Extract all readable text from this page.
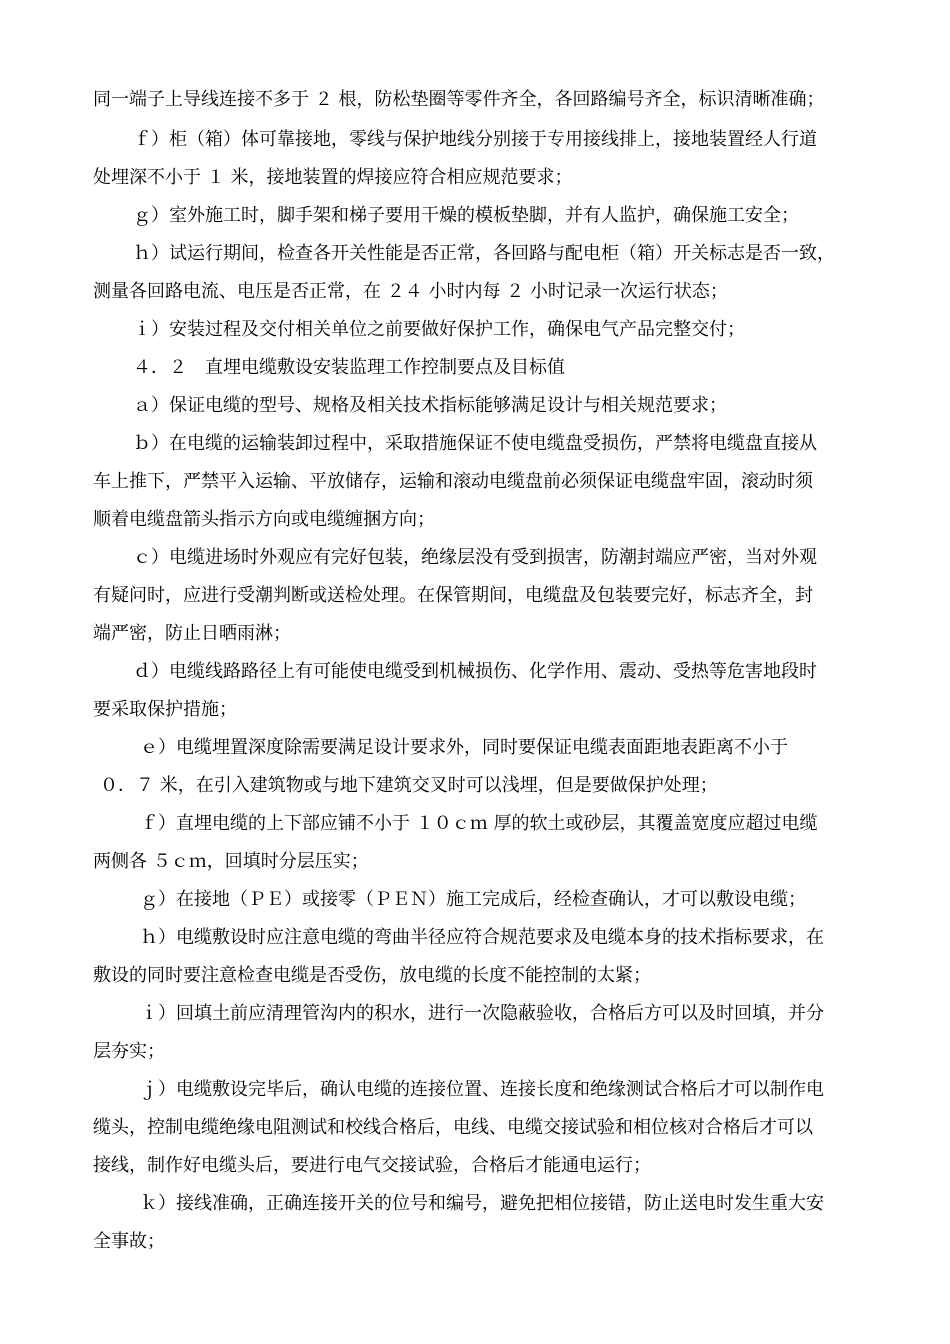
同一端子上导线连接不多于 ２ 根，防松垫圈等零件齐全，各回路编号齐全，标识清晰准确；
ｆ）柜（箱）体可靠接地，零线与保护地线分别接于专用接线排上，接地装置经人行道
处埋深不小于 １ 米，接地装置的焊接应符合相应规范要求；
ｇ）室外施工时，脚手架和梯子要用干燥的模板垫脚，并有人监护，确保施工安全；
ｈ）试运行期间，检查各开关性能是否正常，各回路与配电柜（箱）开关标志是否一致，
测量各回路电流、电压是否正常，在 ２４ 小时内每 ２ 小时记录一次运行状态；
ｉ）安装过程及交付相关单位之前要做好保护工作，确保电气产品完整交付；
４．２　直埋电缆敷设安装监理工作控制要点及目标值
ａ）保证电缆的型号、规格及相关技术指标能够满足设计与相关规范要求；
ｂ）在电缆的运输装卸过程中，采取措施保证不使电缆盘受损伤，严禁将电缆盘直接从
车上推下，严禁平入运输、平放储存，运输和滚动电缆盘前必须保证电缆盘牢固，滚动时须
顺着电缆盘箭头指示方向或电缆缠捆方向；
ｃ）电缆进场时外观应有完好包装，绝缘层没有受到损害，防潮封端应严密，当对外观
有疑问时，应进行受潮判断或送检处理。在保管期间，电缆盘及包装要完好，标志齐全，封
端严密，防止日晒雨淋；
ｄ）电缆线路路径上有可能使电缆受到机械损伤、化学作用、震动、受热等危害地段时
要采取保护措施；
ｅ）电缆埋置深度除需要满足设计要求外，同时要保证电缆表面距地表距离不小于
０．７ 米，在引入建筑物或与地下建筑交叉时可以浅埋，但是要做保护处理；
ｆ）直埋电缆的上下部应铺不小于 １０ｃｍ 厚的软土或砂层，其覆盖宽度应超过电缆
两侧各 ５ｃｍ，回填时分层压实；
ｇ）在接地（ＰＥ）或接零（ＰＥＮ）施工完成后，经检查确认，才可以敷设电缆；
ｈ）电缆敷设时应注意电缆的弯曲半径应符合规范要求及电缆本身的技术指标要求，在
敷设的同时要注意检查电缆是否受伤，放电缆的长度不能控制的太紧；
ｉ）回填土前应清理管沟内的积水，进行一次隐蔽验收，合格后方可以及时回填，并分
层夯实；
ｊ）电缆敷设完毕后，确认电缆的连接位置、连接长度和绝缘测试合格后才可以制作电
缆头，控制电缆绝缘电阻测试和校线合格后，电线、电缆交接试验和相位核对合格后才可以
接线，制作好电缆头后，要进行电气交接试验，合格后才能通电运行；
ｋ）接线准确，正确连接开关的位号和编号，避免把相位接错，防止送电时发生重大安
全事故；
